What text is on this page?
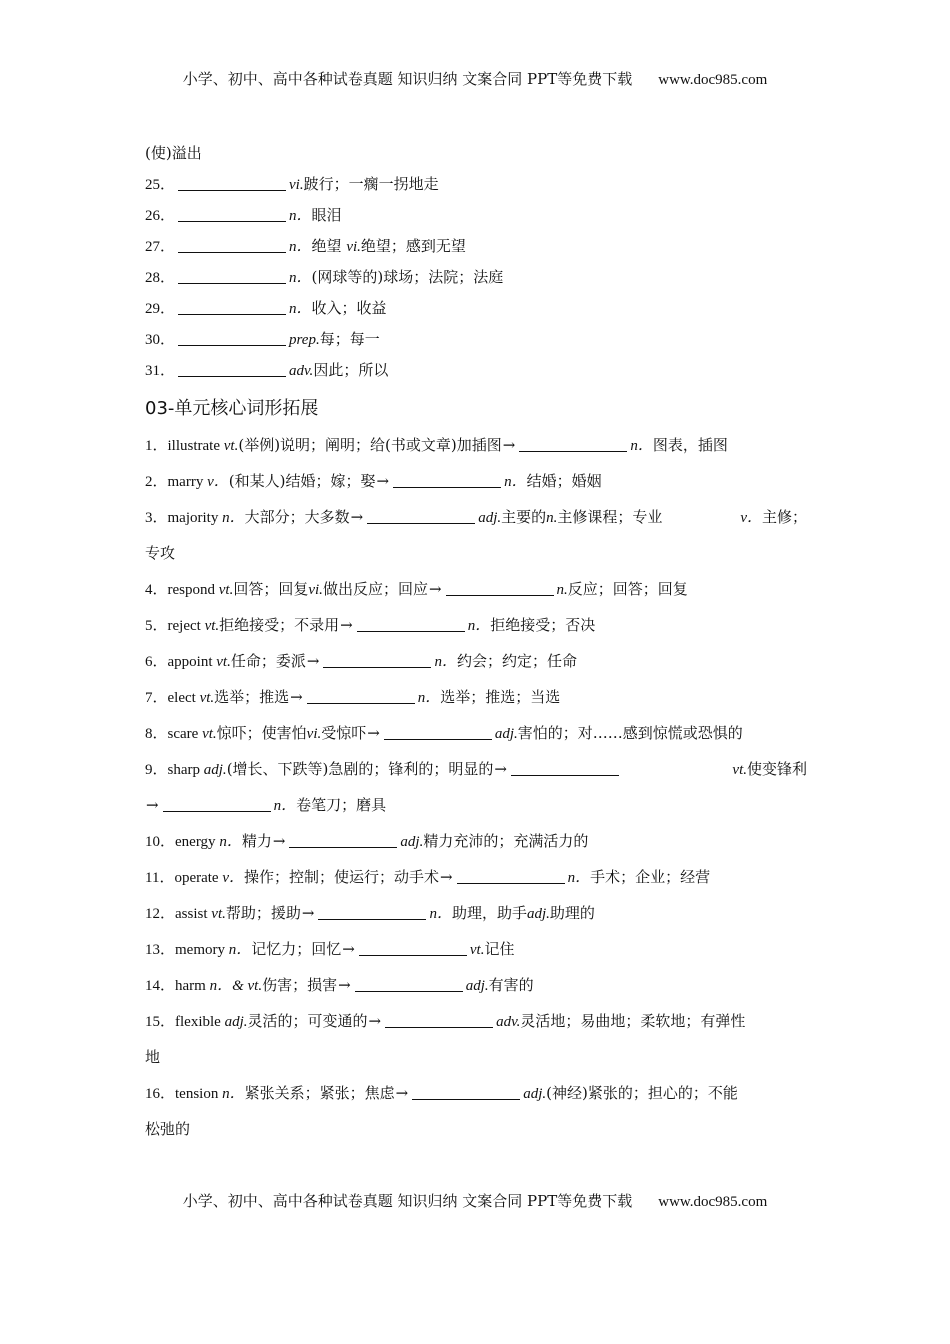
小学、初中、高中各种试卷真题 知识归纳 文案合同 PPT等免费下载 www.doc985.com
(使)溢出
25．	vi.跛行；一瘸一拐地走
26．	n．眼泪
27．	n．绝望 vi.绝望；感到无望
28．	n．(网球等的)球场；法院；法庭
29．	n．收入；收益
30．	prep.每；每一
31．	adv.因此；所以
03-单元核心词形拓展
1．illustrate vt.(举例)说明；阐明；给(书或文章)加插图→	n．图表，插图
2．marry v．(和某人)结婚；嫁；娶→	n．结婚；婚姻
3．majority n．大部分；大多数→	adj.主要的n.主修课程；专业	v．主修；
专攻
4．respond vt.回答；回复vi.做出反应；回应→	n.反应；回答；回复
5．reject vt.拒绝接受；不录用→	n．拒绝接受；否决
6．appoint vt.任命；委派→	n．约会；约定；任命
7．elect vt.选举；推选→	n．选举；推选；当选
8．scare vt.惊吓；使害怕vi.受惊吓→	adj.害怕的；对……感到惊慌或恐惧的
9．sharp adj.(增长、下跌等)急剧的；锋利的；明显的→	vt.使变锋利
→	n．卷笔刀；磨具
10．energy n．精力→	adj.精力充沛的；充满活力的
11．operate v．操作；控制；使运行；动手术→	n．手术；企业；经营
12．assist vt.帮助；援助→	n．助理，助手adj.助理的
13．memory n．记忆力；回忆→	vt.记住
14．harm n．& vt.伤害；损害→	adj.有害的
15．flexible adj.灵活的；可变通的→	adv.灵活地；易曲地；柔软地；有弹性
地
16．tension n．紧张关系；紧张；焦虑→	adj.(神经)紧张的；担心的；不能
松弛的
小学、初中、高中各种试卷真题 知识归纳 文案合同 PPT等免费下载 www.doc985.com
